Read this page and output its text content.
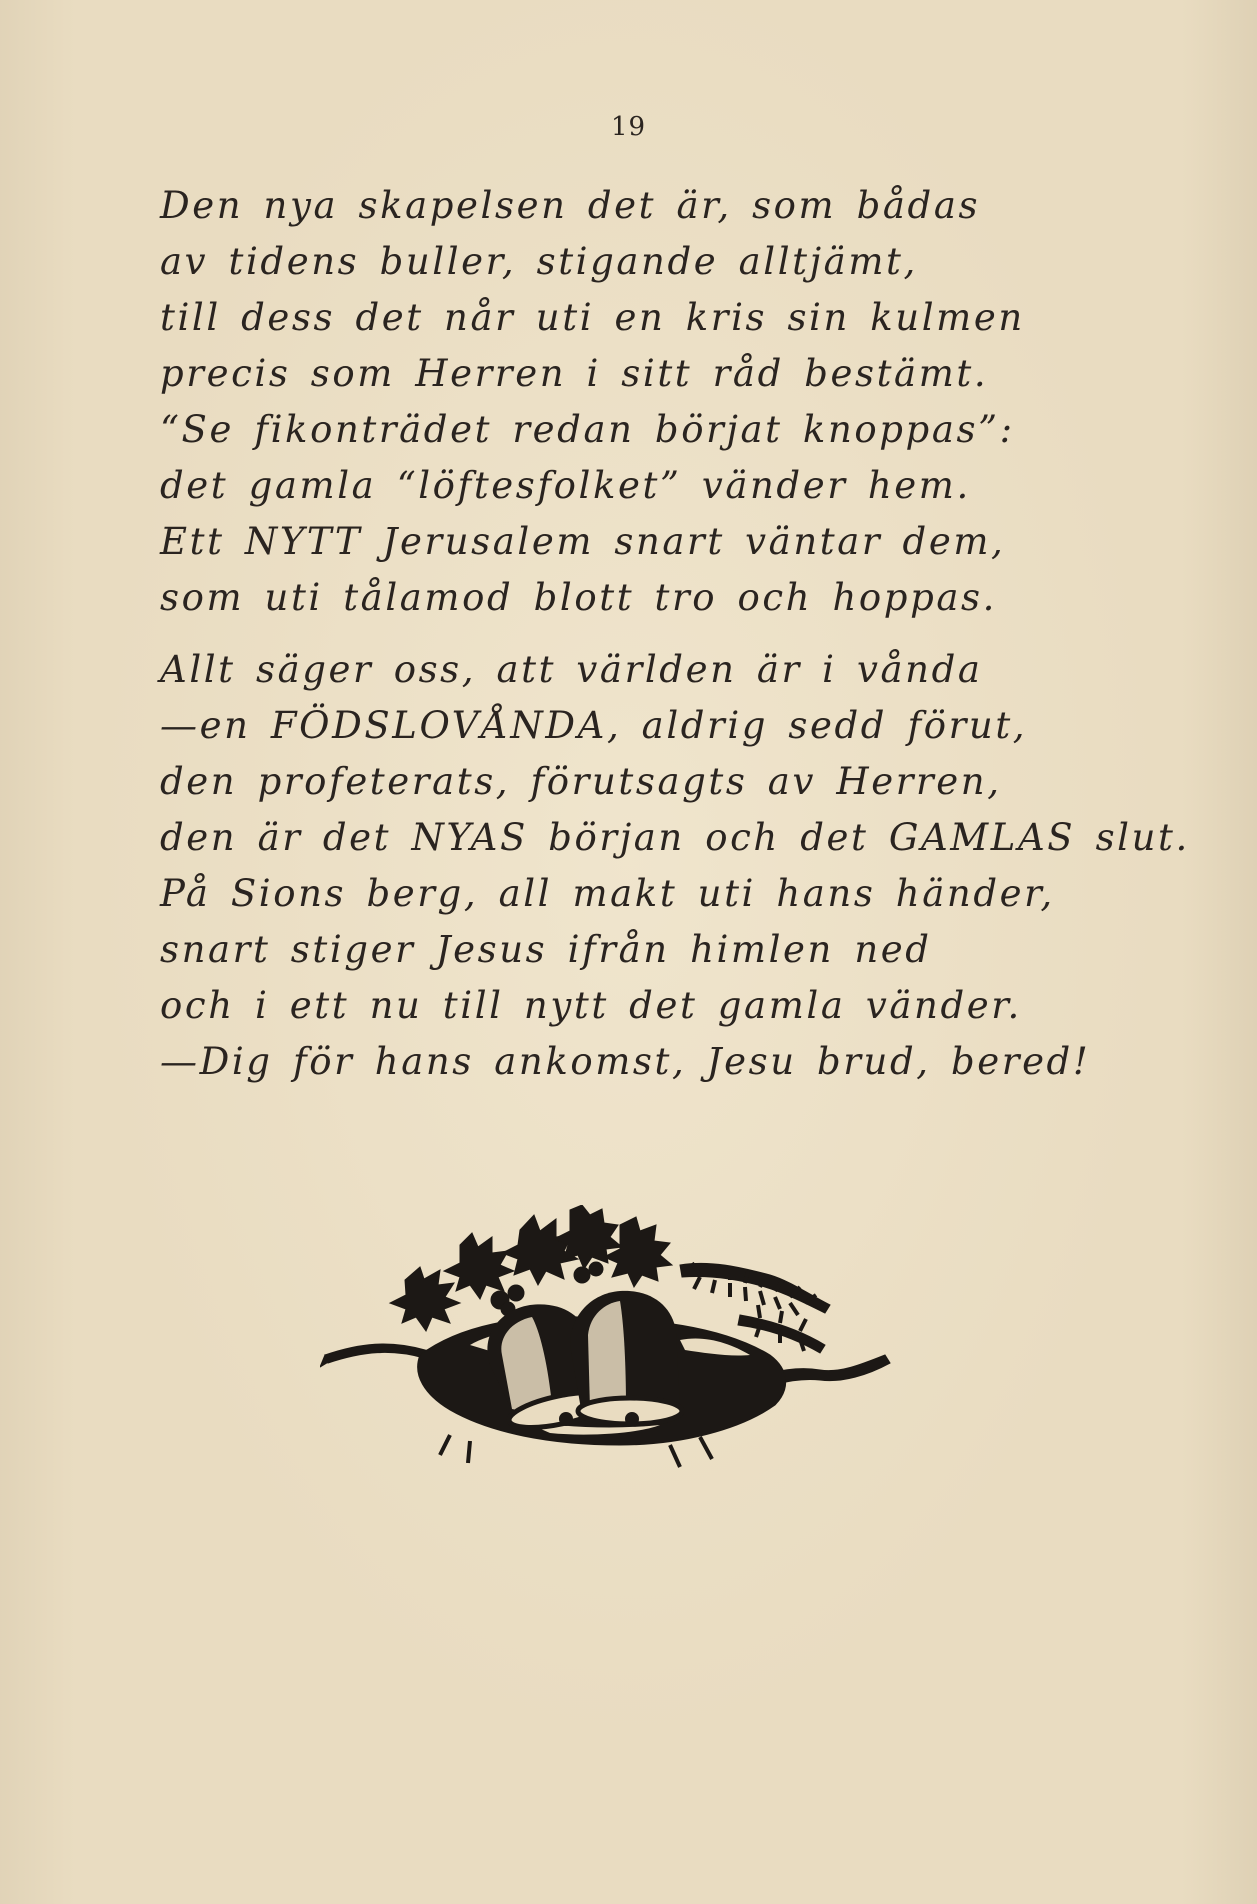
19
Den nya skapelsen det är, som bådas
av tidens buller, stigande alltjämt,
till dess det når uti en kris sin kulmen
precis som Herren i sitt råd bestämt.
“Se fikonträdet redan börjat knoppas”:
det gamla “löftesfolket” vänder hem.
Ett NYTT Jerusalem snart väntar dem,
som uti tålamod blott tro och hoppas.
Allt säger oss, att världen är i vånda
—en FÖDSLOVÅNDA, aldrig sedd förut,
den profeterats, förutsagts av Herren,
den är det NYAS början och det GAMLAS slut.
På Sions berg, all makt uti hans händer,
snart stiger Jesus ifrån himlen ned
och i ett nu till nytt det gamla vänder.
—Dig för hans ankomst, Jesu brud, bered!
